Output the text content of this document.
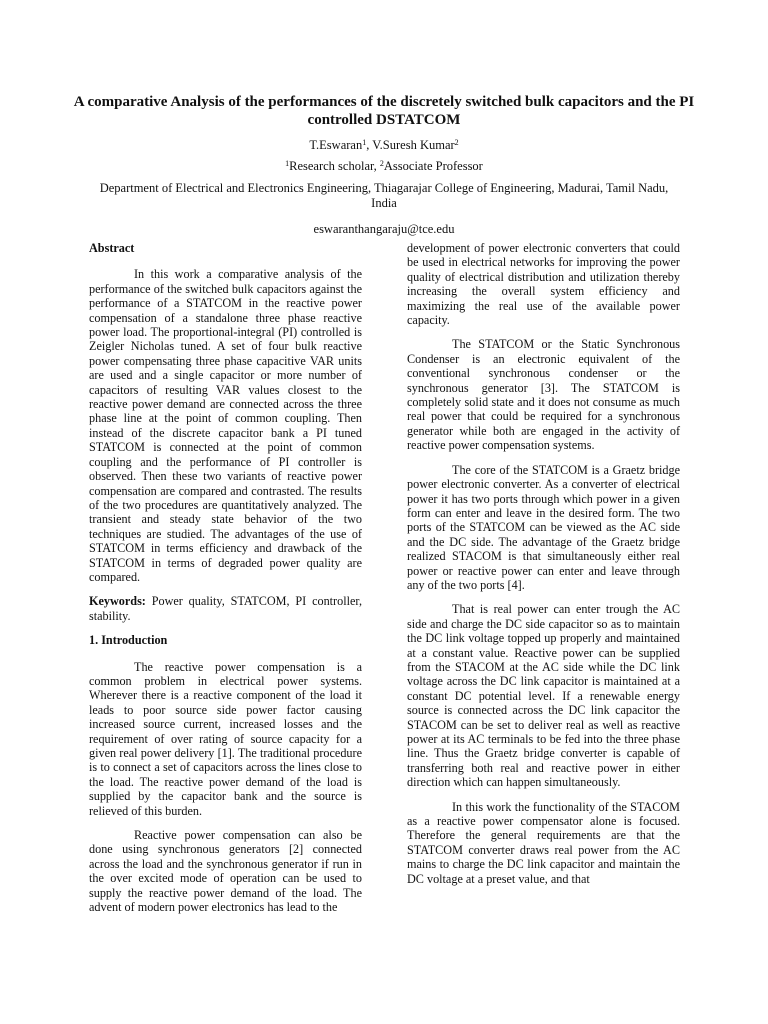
A comparative Analysis of the performances of the discretely switched bulk capacitors and the PI controlled DSTATCOM
T.Eswaran$^1$, V.Suresh Kumar$^2$
$^1$Research scholar, $^2$Associate Professor
Department of Electrical and Electronics Engineering, Thiagarajar College of Engineering, Madurai, Tamil Nadu, India
eswaranthangaraju@tce.edu
Abstract

In this work a comparative analysis of the performance of the switched bulk capacitors against the performance of a STATCOM in the reactive power compensation of a standalone three phase reactive power load. The proportional-integral (PI) controlled is Zeigler Nicholas tuned. A set of four bulk reactive power compensating three phase capacitive VAR units are used and a single capacitor or more number of capacitors of resulting VAR values closest to the reactive power demand are connected across the three phase line at the point of common coupling. Then instead of the discrete capacitor bank a PI tuned STATCOM is connected at the point of common coupling and the performance of PI controller is observed. Then these two variants of reactive power compensation are compared and contrasted. The results of the two procedures are quantitatively analyzed. The transient and steady state behavior of the two techniques are studied. The advantages of the use of STATCOM in terms efficiency and drawback of the STATCOM in terms of degraded power quality are compared.

Keywords: Power quality, STATCOM, PI controller, stability.

1. Introduction

The reactive power compensation is a common problem in electrical power systems. Wherever there is a reactive component of the load it leads to poor source side power factor causing increased source current, increased losses and the requirement of over rating of source capacity for a given real power delivery [1]. The traditional procedure is to connect a set of capacitors across the lines close to the load. The reactive power demand of the load is supplied by the capacitor bank and the source is relieved of this burden.

Reactive power compensation can also be done using synchronous generators [2] connected across the load and the synchronous generator if run in the over excited mode of operation can be used to supply the reactive power demand of the load. The advent of modern power electronics has lead to the

development of power electronic converters that could be used in electrical networks for improving the power quality of electrical distribution and utilization thereby increasing the overall system efficiency and maximizing the real use of the available power capacity.

The STATCOM or the Static Synchronous Condenser is an electronic equivalent of the conventional synchronous condenser or the synchronous generator [3]. The STATCOM is completely solid state and it does not consume as much real power that could be required for a synchronous generator while both are engaged in the activity of reactive power compensation systems.

The core of the STATCOM is a Graetz bridge power electronic converter. As a converter of electrical power it has two ports through which power in a given form can enter and leave in the desired form. The two ports of the STATCOM can be viewed as the AC side and the DC side. The advantage of the Graetz bridge realized STACOM is that simultaneously either real power or reactive power can enter and leave through any of the two ports [4].

That is real power can enter trough the AC side and charge the DC side capacitor so as to maintain the DC link voltage topped up properly and maintained at a constant value. Reactive power can be supplied from the STACOM at the AC side while the DC link voltage across the DC link capacitor is maintained at a constant DC potential level. If a renewable energy source is connected across the DC link capacitor the STACOM can be set to deliver real as well as reactive power at its AC terminals to be fed into the three phase line. Thus the Graetz bridge converter is capable of transferring both real and reactive power in either direction which can happen simultaneously.

In this work the functionality of the STACOM as a reactive power compensator alone is focused. Therefore the general requirements are that the STATCOM converter draws real power from the AC mains to charge the DC link capacitor and maintain the DC voltage at a preset value, and that
